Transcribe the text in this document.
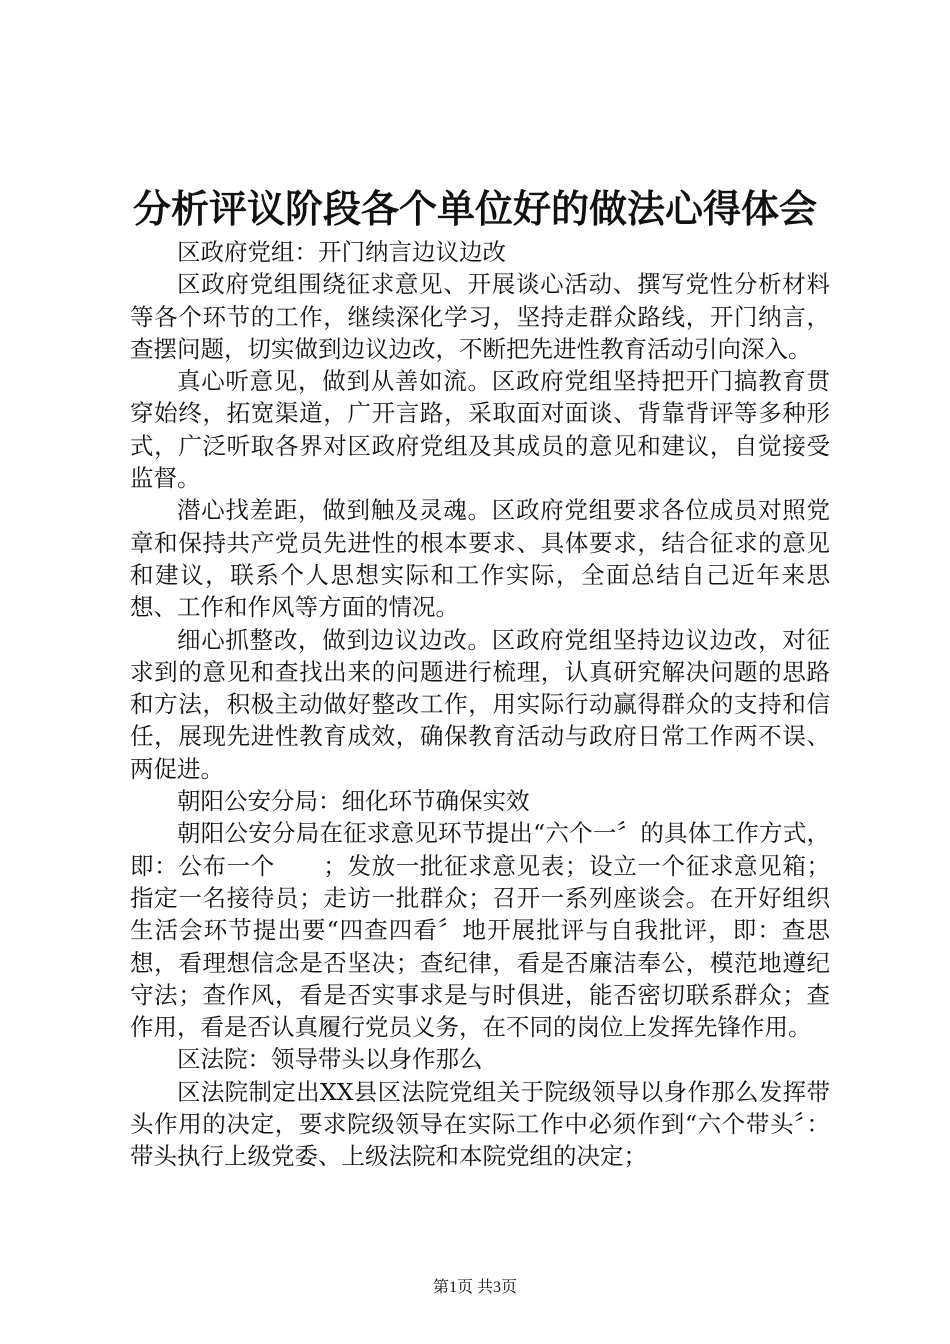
分析评议阶段各个单位好的做法心得体会

区政府党组：开门纳言边议边改

区政府党组围绕征求意见、开展谈心活动、撰写党性分析材料等各个环节的工作，继续深化学习，坚持走群众路线，开门纳言，查摆问题，切实做到边议边改，不断把先进性教育活动引向深入。

真心听意见，做到从善如流。区政府党组坚持把开门搞教育贯穿始终，拓宽渠道，广开言路，采取面对面谈、背靠背评等多种形式，广泛听取各界对区政府党组及其成员的意见和建议，自觉接受监督。

潜心找差距，做到触及灵魂。区政府党组要求各位成员对照党章和保持共产党员先进性的根本要求、具体要求，结合征求的意见和建议，联系个人思想实际和工作实际，全面总结自己近年来思想、工作和作风等方面的情况。

细心抓整改，做到边议边改。区政府党组坚持边议边改，对征求到的意见和查找出来的问题进行梳理，认真研究解决问题的思路和方法，积极主动做好整改工作，用实际行动赢得群众的支持和信任，展现先进性教育成效，确保教育活动与政府日常工作两不误、两促进。

朝阳公安分局：细化环节确保实效

朝阳公安分局在征求意见环节提出“六个一〞的具体工作方式，即：公布一个　　；发放一批征求意见表；设立一个征求意见箱；指定一名接待员；走访一批群众；召开一系列座谈会。在开好组织生活会环节提出要“四查四看〞地开展批评与自我批评，即：查思想，看理想信念是否坚决；查纪律，看是否廉洁奉公，模范地遵纪守法；查作风，看是否实事求是与时俱进，能否密切联系群众；查作用，看是否认真履行党员义务，在不同的岗位上发挥先锋作用。

区法院：领导带头以身作那么

区法院制定出XX县区法院党组关于院级领导以身作那么发挥带头作用的决定，要求院级领导在实际工作中必须作到“六个带头〞：带头执行上级党委、上级法院和本院党组的决定；

第1页 共3页
